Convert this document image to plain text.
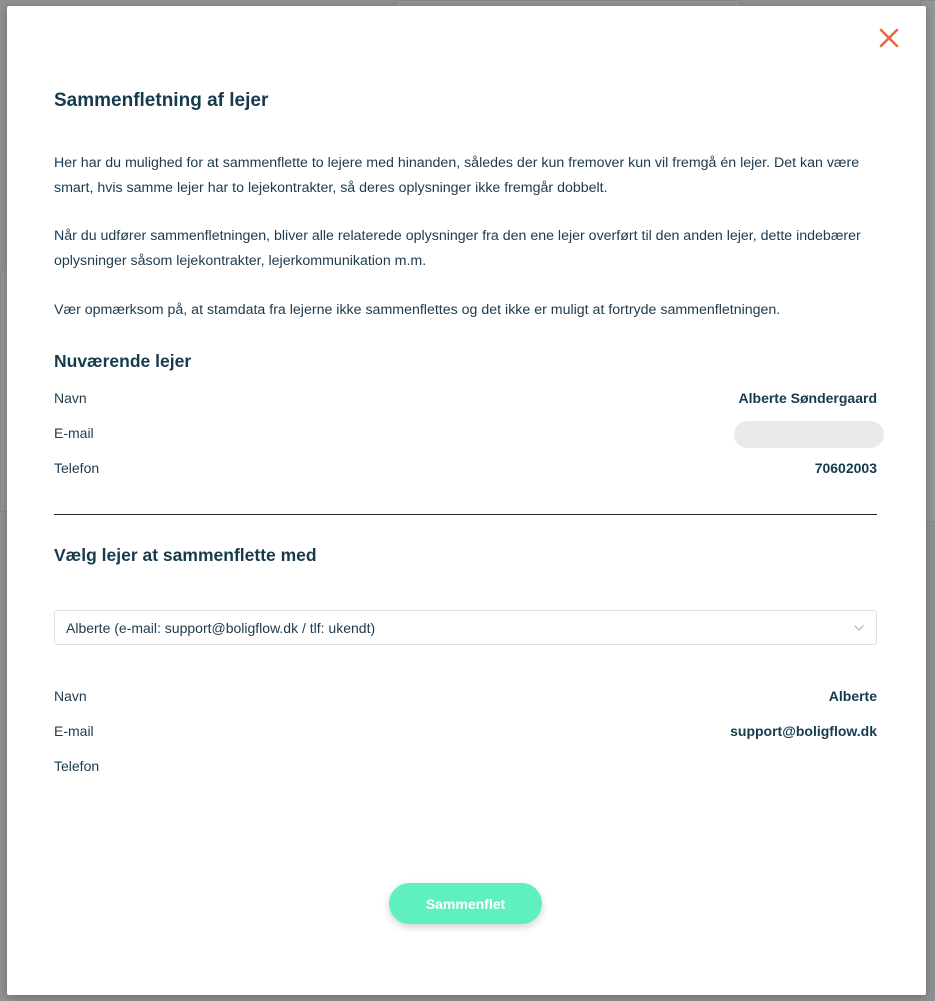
Sammenfletning af lejer

Her har du mulighed for at sammenflette to lejere med hinanden, således der kun fremover kun vil fremgå én lejer. Det kan være smart, hvis samme lejer har to lejekontrakter, så deres oplysninger ikke fremgår dobbelt.

Når du udfører sammenfletningen, bliver alle relaterede oplysninger fra den ene lejer overført til den anden lejer, dette indebærer oplysninger såsom lejekontrakter, lejerkommunikation m.m.

Vær opmærksom på, at stamdata fra lejerne ikke sammenflettes og det ikke er muligt at fortryde sammenfletningen.

Nuværende lejer
Navn	Alberte Søndergaard
E-mail
Telefon	70602003
Vælg lejer at sammenflette med
Alberte (e-mail: support@boligflow.dk / tlf: ukendt)
Navn	Alberte
E-mail	support@boligflow.dk
Telefon
Sammenflet
